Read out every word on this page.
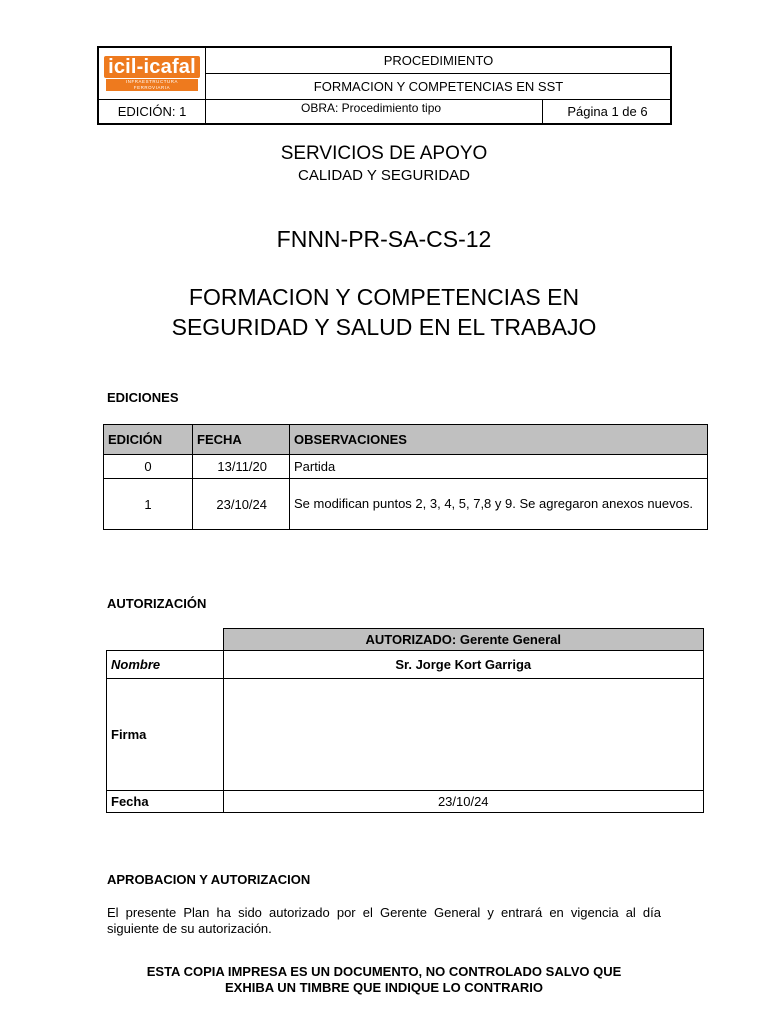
icil-icafal
INFRAESTRUCTURA FERROVIARIA
PROCEDIMIENTO
FORMACION Y COMPETENCIAS EN SST
EDICIÓN: 1	OBRA: Procedimiento tipo	Página 1 de 6
SERVICIOS DE APOYO
CALIDAD Y SEGURIDAD
FNNN-PR-SA-CS-12
FORMACION Y COMPETENCIAS EN
SEGURIDAD Y SALUD EN EL TRABAJO
EDICIONES
EDICIÓN	FECHA	OBSERVACIONES
0	13/11/20	Partida
1	23/10/24	Se modifican puntos 2, 3, 4, 5, 7,8 y 9. Se agregaron anexos nuevos.
AUTORIZACIÓN
	AUTORIZADO: Gerente General
Nombre	Sr. Jorge Kort Garriga
Firma	
Fecha	23/10/24
APROBACION Y AUTORIZACION
El presente Plan ha sido autorizado por el Gerente General y entrará en vigencia al día siguiente de su autorización.
ESTA COPIA IMPRESA ES UN DOCUMENTO, NO CONTROLADO SALVO QUE
EXHIBA UN TIMBRE QUE INDIQUE LO CONTRARIO
